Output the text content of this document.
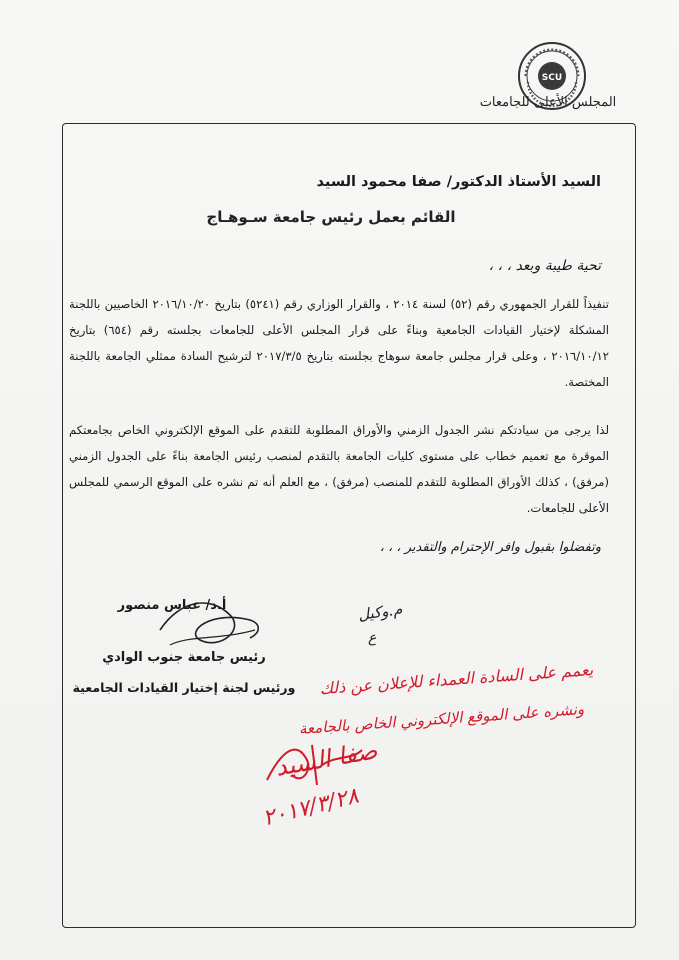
SCU
المجلس الأعلى للجامعات
السيد الأستاذ الدكتور/ صفا محمود السيد
القائم بعمل رئيس جامعة سـوهـاج
تحية طيبة وبعد ، ، ،
تنفيذاً للقرار الجمهوري رقم (٥٢) لسنة ٢٠١٤ ، والقرار الوزاري رقم (٥٢٤١) بتاريخ ٢٠١٦/١٠/٢٠ الخاصيين باللجنة المشكلة لإختيار القيادات الجامعية وبناءً على قرار المجلس الأعلى للجامعات بجلسته رقم (٦٥٤) بتاريخ ٢٠١٦/١٠/١٢ ، وعلى قرار مجلس جامعة سوهاج بجلسته بتاريخ ٢٠١٧/٣/٥ لترشيح السادة ممثلي الجامعة باللجنة المختصة.
لذا يرجى من سيادتكم نشر الجدول الزمني والأوراق المطلوبة للتقدم على الموقع الإلكتروني الخاص بجامعتكم الموقرة مع تعميم خطاب على مستوى كليات الجامعة بالتقدم لمنصب رئيس الجامعة بناءً على الجدول الزمني (مرفق) ، كذلك الأوراق المطلوبة للتقدم للمنصب (مرفق) ، مع العلم أنه تم نشره على الموقع الرسمي للمجلس الأعلى للجامعات.
وتفضلوا بقبول وافر الإحترام والتقدير ، ، ،
أ.د/ عباس منصور
رئيس جامعة جنوب الوادي
ورئيس لجنة إختيار القيادات الجامعية
م.وكيل
ع
يعمم على السادة العمداء للإعلان عن ذلك
ونشره على الموقع الإلكتروني الخاص بالجامعة
صفا السيد
٢٠١٧/٣/٢٨
